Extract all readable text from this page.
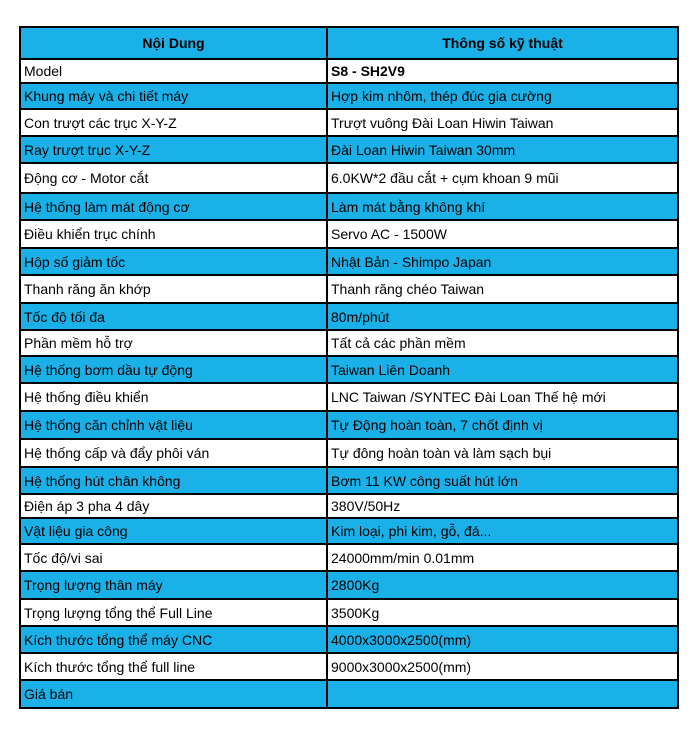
Nội Dung	Thông số kỹ thuật
Model	S8 - SH2V9
Khung máy và chi tiết máy	Hợp kim nhôm, thép đúc gia cường
Con trượt các trục X-Y-Z	Trượt vuông Đài Loan Hiwin Taiwan
Ray trượt trục X-Y-Z	Đài Loan Hiwin Taiwan 30mm
Động cơ - Motor cắt	6.0KW*2 đầu cắt + cụm khoan 9 mũi
Hệ thống làm mát động cơ	Làm mát bằng không khí
Điều khiển trục chính	Servo AC - 1500W
Hộp số giảm tốc	Nhật Bản - Shimpo Japan
Thanh răng ăn khớp	Thanh răng chéo Taiwan
Tốc độ tối đa	80m/phút
Phần mềm hỗ trợ	Tất cả các phần mềm
Hệ thống bơm dầu tự động	Taiwan Liên Doanh
Hệ thống điều khiển	LNC Taiwan /SYNTEC Đài Loan Thế hệ mới
Hệ thống căn chỉnh vật liệu	Tự Động hoàn toàn, 7 chốt định vị
Hệ thống cấp và đẩy phôi ván	Tự đông hoàn toàn và làm sạch bụi
Hệ thống hút chân không	Bơm 11 KW công suất hút lớn
Điện áp 3 pha 4 dây	380V/50Hz
Vật liệu gia công	Kim loại, phi kim, gỗ, đá...
Tốc độ/vi sai	24000mm/min 0.01mm
Trọng lượng thân máy	2800Kg
Trọng lượng tổng thể Full Line	3500Kg
Kích thước tổng thể máy CNC	4000x3000x2500(mm)
Kích thước tổng thể full line	9000x3000x2500(mm)
Giá bán	
